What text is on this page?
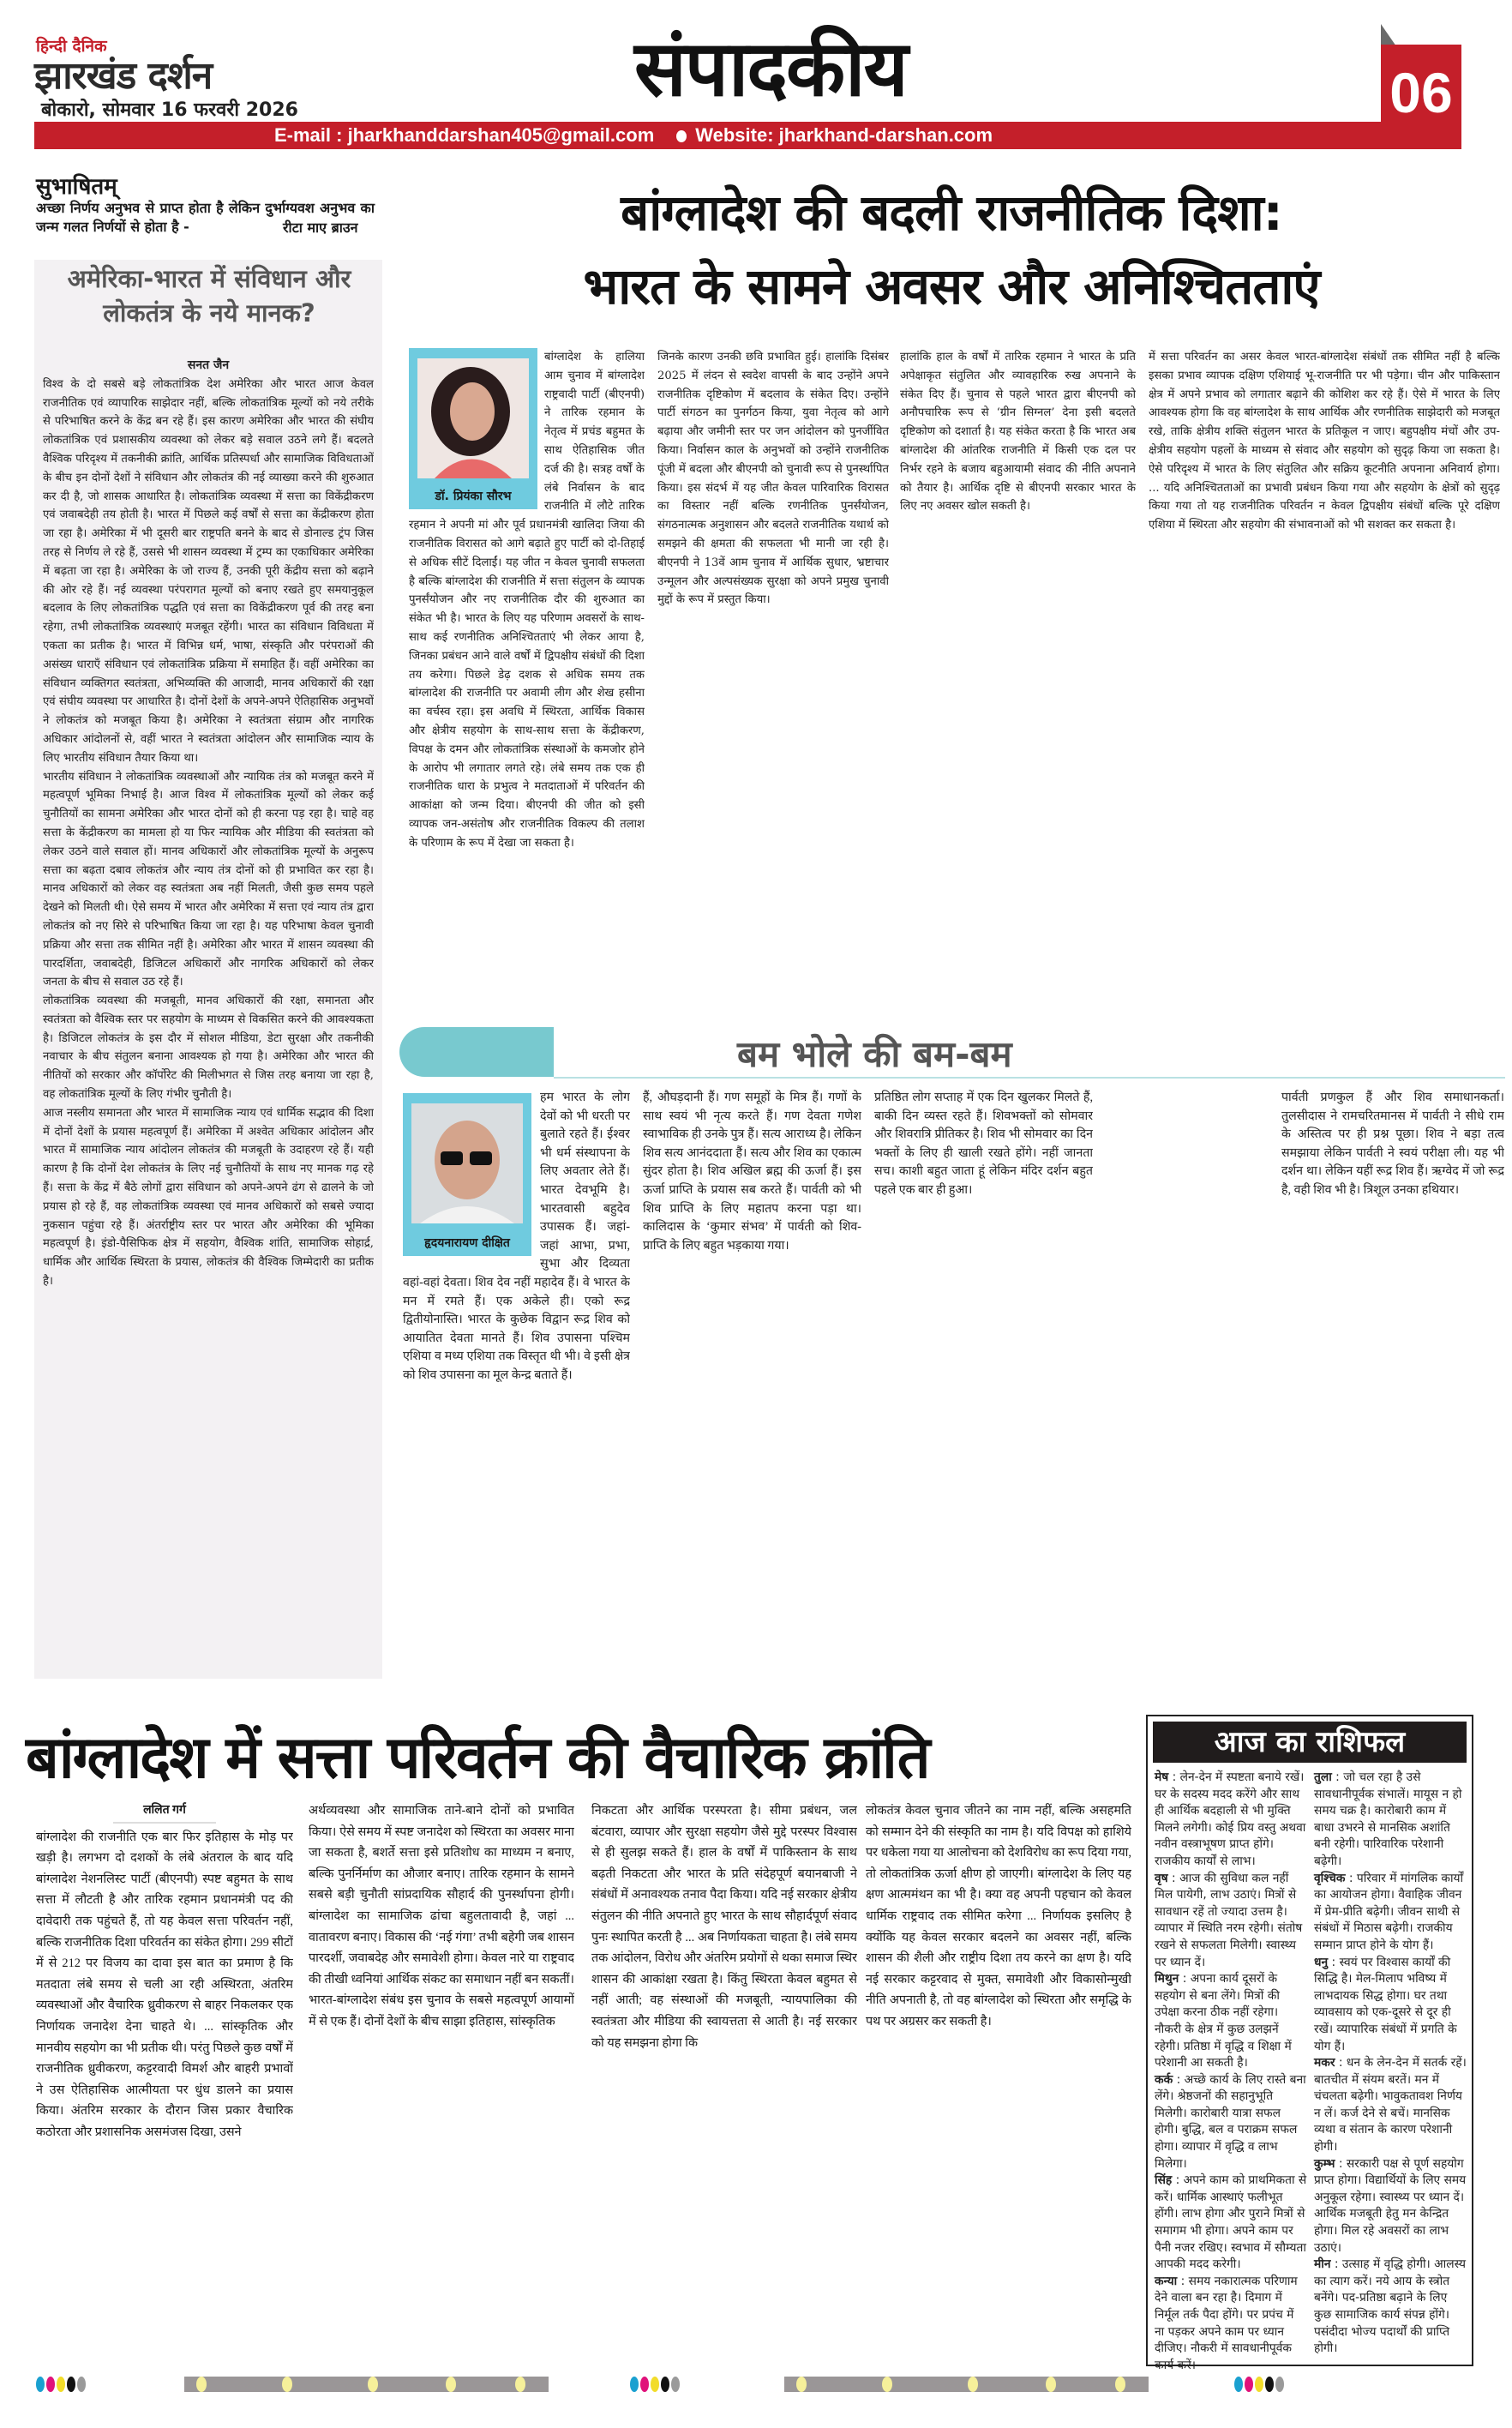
हिन्दी दैनिक
झारखंड दर्शन
बोकारो, सोमवार 16 फरवरी 2026	संपादकीय
E-mail : jharkhanddarshan405@gmail.com Website: jharkhand-darshan.com
06
सुभाषितम्
अच्छा निर्णय अनुभव से प्राप्त होता है लेकिन दुर्भाग्यवश अनुभव का जन्म गलत निर्णयों से होता है -	रीटा माए ब्राउन
अमेरिका-भारत में संविधान और लोकतंत्र के नये मानक?
सनत जैन

विश्व के दो सबसे बड़े लोकतांत्रिक देश अमेरिका और भारत आज केवल राजनीतिक एवं व्यापारिक साझेदार नहीं, बल्कि लोकतांत्रिक मूल्यों को नये तरीके से परिभाषित करने के केंद्र बन रहे हैं। इस कारण अमेरिका और भारत की संघीय लोकतांत्रिक एवं प्रशासकीय व्यवस्था को लेकर बड़े सवाल उठने लगे हैं। बदलते वैश्विक परिदृश्य में तकनीकी क्रांति, आर्थिक प्रतिस्पर्धा और सामाजिक विविधताओं के बीच इन दोनों देशों ने संविधान और लोकतंत्र की नई व्याख्या करने की शुरुआत कर दी है, जो शासक आधारित है। लोकतांत्रिक व्यवस्था में सत्ता का विकेंद्रीकरण एवं जवाबदेही तय होती है। भारत में पिछले कई वर्षों से सत्ता का केंद्रीकरण होता जा रहा है। अमेरिका में भी दूसरी बार राष्ट्रपति बनने के बाद से डोनाल्ड ट्रंप जिस तरह से निर्णय ले रहे हैं, उससे भी शासन व्यवस्था में ट्रम्प का एकाधिकार अमेरिका में बढ़ता जा रहा है। अमेरिका के जो राज्य हैं, उनकी पूरी केंद्रीय सत्ता को बढ़ाने की ओर रहे हैं। नई व्यवस्था परंपरागत मूल्यों को बनाए रखते हुए समयानुकूल बदलाव के लिए लोकतांत्रिक पद्धति एवं सत्ता का विकेंद्रीकरण पूर्व की तरह बना रहेगा, तभी लोकतांत्रिक व्यवस्थाएं मजबूत रहेंगी। भारत का संविधान विविधता में एकता का प्रतीक है। भारत में विभिन्न धर्म, भाषा, संस्कृति और परंपराओं की असंख्य धाराएँ संविधान एवं लोकतांत्रिक प्रक्रिया में समाहित हैं। वहीं अमेरिका का संविधान व्यक्तिगत स्वतंत्रता, अभिव्यक्ति की आजादी, मानव अधिकारों की रक्षा एवं संघीय व्यवस्था पर आधारित है। दोनों देशों के अपने-अपने ऐतिहासिक अनुभवों ने लोकतंत्र को मजबूत किया है। अमेरिका ने स्वतंत्रता संग्राम और नागरिक अधिकार आंदोलनों से, वहीं भारत ने स्वतंत्रता आंदोलन और सामाजिक न्याय के लिए भारतीय संविधान तैयार किया था।

भारतीय संविधान ने लोकतांत्रिक व्यवस्थाओं और न्यायिक तंत्र को मजबूत करने में महत्वपूर्ण भूमिका निभाई है। आज विश्व में लोकतांत्रिक मूल्यों को लेकर कई चुनौतियों का सामना अमेरिका और भारत दोनों को ही करना पड़ रहा है। चाहे वह सत्ता के केंद्रीकरण का मामला हो या फिर न्यायिक और मीडिया की स्वतंत्रता को लेकर उठने वाले सवाल हों। मानव अधिकारों और लोकतांत्रिक मूल्यों के अनुरूप सत्ता का बढ़ता दबाव लोकतंत्र और न्याय तंत्र दोनों को ही प्रभावित कर रहा है। मानव अधिकारों को लेकर वह स्वतंत्रता अब नहीं मिलती, जैसी कुछ समय पहले देखने को मिलती थी। ऐसे समय में भारत और अमेरिका में सत्ता एवं न्याय तंत्र द्वारा लोकतंत्र को नए सिरे से परिभाषित किया जा रहा है। यह परिभाषा केवल चुनावी प्रक्रिया और सत्ता तक सीमित नहीं है। अमेरिका और भारत में शासन व्यवस्था की पारदर्शिता, जवाबदेही, डिजिटल अधिकारों और नागरिक अधिकारों को लेकर जनता के बीच से सवाल उठ रहे हैं।

लोकतांत्रिक व्यवस्था की मजबूती, मानव अधिकारों की रक्षा, समानता और स्वतंत्रता को वैश्विक स्तर पर सहयोग के माध्यम से विकसित करने की आवश्यकता है। डिजिटल लोकतंत्र के इस दौर में सोशल मीडिया, डेटा सुरक्षा और तकनीकी नवाचार के बीच संतुलन बनाना आवश्यक हो गया है। अमेरिका और भारत की नीतियों को सरकार और कॉर्पोरेट की मिलीभगत से जिस तरह बनाया जा रहा है, वह लोकतांत्रिक मूल्यों के लिए गंभीर चुनौती है।

आज नस्लीय समानता और भारत में सामाजिक न्याय एवं धार्मिक सद्भाव की दिशा में दोनों देशों के प्रयास महत्वपूर्ण हैं। अमेरिका में अश्वेत अधिकार आंदोलन और भारत में सामाजिक न्याय आंदोलन लोकतंत्र की मजबूती के उदाहरण रहे हैं। यही कारण है कि दोनों देश लोकतंत्र के लिए नई चुनौतियों के साथ नए मानक गढ़ रहे हैं। सत्ता के केंद्र में बैठे लोगों द्वारा संविधान को अपने-अपने ढंग से ढालने के जो प्रयास हो रहे हैं, वह लोकतांत्रिक व्यवस्था एवं मानव अधिकारों को सबसे ज्यादा नुकसान पहुंचा रहे हैं। अंतर्राष्ट्रीय स्तर पर भारत और अमेरिका की भूमिका महत्वपूर्ण है। इंडो-पैसिफिक क्षेत्र में सहयोग, वैश्विक शांति, सामाजिक सोहार्द्र, धार्मिक और आर्थिक स्थिरता के प्रयास, लोकतंत्र की वैश्विक जिम्मेदारी का प्रतीक है।

बांग्लादेश की बदली राजनीतिक दिशा:
भारत के सामने अवसर और अनिश्चितताएं
बांग्लादेश के हालिया आम चुनाव में बांग्लादेश राष्ट्रवादी पार्टी (बीएनपी) ने तारिक रहमान के नेतृत्व में प्रचंड बहुमत के साथ ऐतिहासिक जीत दर्ज की है। सत्रह वर्षों के लंबे निर्वासन के बाद राजनीति में लौटे तारिक रहमान ने अपनी मां और पूर्व प्रधानमंत्री खालिदा जिया की राजनीतिक विरासत को आगे बढ़ाते हुए पार्टी को दो-तिहाई से अधिक सीटें दिलाईं। यह जीत न केवल चुनावी सफलता है बल्कि बांग्लादेश की राजनीति में सत्ता संतुलन के व्यापक पुनर्संयोजन और नए राजनीतिक दौर की शुरुआत का संकेत भी है। भारत के लिए यह परिणाम अवसरों के साथ-साथ कई रणनीतिक अनिश्चितताएं भी लेकर आया है, जिनका प्रबंधन आने वाले वर्षों में द्विपक्षीय संबंधों की दिशा तय करेगा। पिछले डेढ़ दशक से अधिक समय तक बांग्लादेश की राजनीति पर अवामी लीग और शेख हसीना का वर्चस्व रहा। इस अवधि में स्थिरता, आर्थिक विकास और क्षेत्रीय सहयोग के साथ-साथ सत्ता के केंद्रीकरण, विपक्ष के दमन और लोकतांत्रिक संस्थाओं के कमजोर होने के आरोप भी लगातार लगते रहे। लंबे समय तक एक ही राजनीतिक धारा के प्रभुत्व ने मतदाताओं में परिवर्तन की आकांक्षा को जन्म दिया। बीएनपी की जीत को इसी व्यापक जन-असंतोष और राजनीतिक विकल्प की तलाश के परिणाम के रूप में देखा जा सकता है।
डॉ. प्रियंका सौरभ
जिनके कारण उनकी छवि प्रभावित हुई। हालांकि दिसंबर 2025 में लंदन से स्वदेश वापसी के बाद उन्होंने अपने राजनीतिक दृष्टिकोण में बदलाव के संकेत दिए। उन्होंने पार्टी संगठन का पुनर्गठन किया, युवा नेतृत्व को आगे बढ़ाया और जमीनी स्तर पर जन आंदोलन को पुनर्जीवित किया। निर्वासन काल के अनुभवों को उन्होंने राजनीतिक पूंजी में बदला और बीएनपी को चुनावी रूप से पुनर्स्थापित किया। इस संदर्भ में यह जीत केवल पारिवारिक विरासत का विस्तार नहीं बल्कि रणनीतिक पुनर्संयोजन, संगठनात्मक अनुशासन और बदलते राजनीतिक यथार्थ को समझने की क्षमता की सफलता भी मानी जा रही है। बीएनपी ने 13वें आम चुनाव में आर्थिक सुधार, भ्रष्टाचार उन्मूलन और अल्पसंख्यक सुरक्षा को अपने प्रमुख चुनावी मुद्दों के रूप में प्रस्तुत किया।
हालांकि हाल के वर्षों में तारिक रहमान ने भारत के प्रति अपेक्षाकृत संतुलित और व्यावहारिक रुख अपनाने के संकेत दिए हैं। चुनाव से पहले भारत द्वारा बीएनपी को अनौपचारिक रूप से ‘ग्रीन सिग्नल’ देना इसी बदलते दृष्टिकोण को दशार्ता है। यह संकेत करता है कि भारत अब बांग्लादेश की आंतरिक राजनीति में किसी एक दल पर निर्भर रहने के बजाय बहुआयामी संवाद की नीति अपनाने को तैयार है। आर्थिक दृष्टि से बीएनपी सरकार भारत के लिए नए अवसर खोल सकती है।
में सत्ता परिवर्तन का असर केवल भारत-बांग्लादेश संबंधों तक सीमित नहीं है बल्कि इसका प्रभाव व्यापक दक्षिण एशियाई भू-राजनीति पर भी पड़ेगा। चीन और पाकिस्तान क्षेत्र में अपने प्रभाव को लगातार बढ़ाने की कोशिश कर रहे हैं। ऐसे में भारत के लिए आवश्यक होगा कि वह बांग्लादेश के साथ आर्थिक और रणनीतिक साझेदारी को मजबूत रखे, ताकि क्षेत्रीय शक्ति संतुलन भारत के प्रतिकूल न जाए। बहुपक्षीय मंचों और उप-क्षेत्रीय सहयोग पहलों के माध्यम से संवाद और सहयोग को सुदृढ़ किया जा सकता है। ऐसे परिदृश्य में भारत के लिए संतुलित और सक्रिय कूटनीति अपनाना अनिवार्य होगा। ... यदि अनिश्चितताओं का प्रभावी प्रबंधन किया गया और सहयोग के क्षेत्रों को सुदृढ़ किया गया तो यह राजनीतिक परिवर्तन न केवल द्विपक्षीय संबंधों बल्कि पूरे दक्षिण एशिया में स्थिरता और सहयोग की संभावनाओं को भी सशक्त कर सकता है।
बम भोले की बम-बम
हम भारत के लोग देवों को भी धरती पर बुलाते रहते हैं। ईश्वर भी धर्म संस्थापना के लिए अवतार लेते हैं। भारत देवभूमि है। भारतवासी बहुदेव उपासक हैं। जहां-जहां आभा, प्रभा, सुभा और दिव्यता वहां-वहां देवता। शिव देव नहीं महादेव हैं। वे भारत के मन में रमते हैं। एक अकेले ही। एको रूद्र द्वितीयोनास्ति। भारत के कुछेक विद्वान रूद्र शिव को आयातित देवता मानते हैं। शिव उपासना पश्चिम एशिया व मध्य एशिया तक विस्तृत थी भी। वे इसी क्षेत्र को शिव उपासना का मूल केन्द्र बताते हैं।
हृदयनारायण दीक्षित
हैं, औघड़दानी हैं। गण समूहों के मित्र हैं। गणों के साथ स्वयं भी नृत्य करते हैं। गण देवता गणेश स्वाभाविक ही उनके पुत्र हैं। सत्य आराध्य है। लेकिन शिव सत्य आनंददाता हैं। सत्य और शिव का एकात्म सुंदर होता है। शिव अखिल ब्रह्म की ऊर्जा हैं। इस ऊर्जा प्राप्ति के प्रयास सब करते हैं। पार्वती को भी शिव प्राप्ति के लिए महातप करना पड़ा था। कालिदास के ‘कुमार संभव’ में पार्वती को शिव-प्राप्ति के लिए बहुत भड़काया गया।
प्रतिष्ठित लोग सप्ताह में एक दिन खुलकर मिलते हैं, बाकी दिन व्यस्त रहते हैं। शिवभक्तों को सोमवार और शिवरात्रि प्रीतिकर है। शिव भी सोमवार का दिन भक्तों के लिए ही खाली रखते होंगे। नहीं जानता सच। काशी बहुत जाता हूं लेकिन मंदिर दर्शन बहुत पहले एक बार ही हुआ।
पार्वती प्रणकुल हैं और शिव समाधानकर्ता। तुलसीदास ने रामचरितमानस में पार्वती ने सीधे राम के अस्तित्व पर ही प्रश्न पूछा। शिव ने बड़ा तत्व समझाया लेकिन पार्वती ने स्वयं परीक्षा ली। यह भी दर्शन था। लेकिन यहीं रूद्र शिव हैं। ऋग्वेद में जो रूद्र है, वही शिव भी है। त्रिशूल उनका हथियार।
बांग्लादेश में सत्ता परिवर्तन की वैचारिक क्रांति
ललित गर्ग
बांग्लादेश की राजनीति एक बार फिर इतिहास के मोड़ पर खड़ी है। लगभग दो दशकों के लंबे अंतराल के बाद यदि बांग्लादेश नेशनलिस्ट पार्टी (बीएनपी) स्पष्ट बहुमत के साथ सत्ता में लौटती है और तारिक रहमान प्रधानमंत्री पद की दावेदारी तक पहुंचते हैं, तो यह केवल सत्ता परिवर्तन नहीं, बल्कि राजनीतिक दिशा परिवर्तन का संकेत होगा। 299 सीटों में से 212 पर विजय का दावा इस बात का प्रमाण है कि मतदाता लंबे समय से चली आ रही अस्थिरता, अंतरिम व्यवस्थाओं और वैचारिक ध्रुवीकरण से बाहर निकलकर एक निर्णायक जनादेश देना चाहते थे। ... सांस्कृतिक और मानवीय सहयोग का भी प्रतीक थी। परंतु पिछले कुछ वर्षों में राजनीतिक ध्रुवीकरण, कट्टरवादी विमर्श और बाहरी प्रभावों ने उस ऐतिहासिक आत्मीयता पर धुंध डालने का प्रयास किया। अंतरिम सरकार के दौरान जिस प्रकार वैचारिक कठोरता और प्रशासनिक असमंजस दिखा, उसने
अर्थव्यवस्था और सामाजिक ताने-बाने दोनों को प्रभावित किया। ऐसे समय में स्पष्ट जनादेश को स्थिरता का अवसर माना जा सकता है, बशर्ते सत्ता इसे प्रतिशोध का माध्यम न बनाए, बल्कि पुनर्निर्माण का औजार बनाए। तारिक रहमान के सामने सबसे बड़ी चुनौती सांप्रदायिक सौहार्द की पुनर्स्थापना होगी। बांग्लादेश का सामाजिक ढांचा बहुलतावादी है, जहां ... वातावरण बनाए। विकास की ‘नई गंगा’ तभी बहेगी जब शासन पारदर्शी, जवाबदेह और समावेशी होगा। केवल नारे या राष्ट्रवाद की तीखी ध्वनियां आर्थिक संकट का समाधान नहीं बन सकतीं। भारत-बांग्लादेश संबंध इस चुनाव के सबसे महत्वपूर्ण आयामों में से एक हैं। दोनों देशों के बीच साझा इतिहास, सांस्कृतिक
निकटता और आर्थिक परस्परता है। सीमा प्रबंधन, जल बंटवारा, व्यापार और सुरक्षा सहयोग जैसे मुद्दे परस्पर विश्वास से ही सुलझ सकते हैं। हाल के वर्षों में पाकिस्तान के साथ बढ़ती निकटता और भारत के प्रति संदेहपूर्ण बयानबाजी ने संबंधों में अनावश्यक तनाव पैदा किया। यदि नई सरकार क्षेत्रीय संतुलन की नीति अपनाते हुए भारत के साथ सौहार्दपूर्ण संवाद पुनः स्थापित करती है ... अब निर्णायकता चाहता है। लंबे समय तक आंदोलन, विरोध और अंतरिम प्रयोगों से थका समाज स्थिर शासन की आकांक्षा रखता है। किंतु स्थिरता केवल बहुमत से नहीं आती; वह संस्थाओं की मजबूती, न्यायपालिका की स्वतंत्रता और मीडिया की स्वायत्तता से आती है। नई सरकार को यह समझना होगा कि
लोकतंत्र केवल चुनाव जीतने का नाम नहीं, बल्कि असहमति को सम्मान देने की संस्कृति का नाम है। यदि विपक्ष को हाशिये पर धकेला गया या आलोचना को देशविरोध का रूप दिया गया, तो लोकतांत्रिक ऊर्जा क्षीण हो जाएगी। बांग्लादेश के लिए यह क्षण आत्ममंथन का भी है। क्या वह अपनी पहचान को केवल धार्मिक राष्ट्रवाद तक सीमित करेगा ... निर्णायक इसलिए है क्योंकि यह केवल सरकार बदलने का अवसर नहीं, बल्कि शासन की शैली और राष्ट्रीय दिशा तय करने का क्षण है। यदि नई सरकार कट्टरवाद से मुक्त, समावेशी और विकासोन्मुखी नीति अपनाती है, तो वह बांग्लादेश को स्थिरता और समृद्धि के पथ पर अग्रसर कर सकती है।
आज का राशिफल
मेष : लेन-देन में स्पष्टता बनाये रखें। घर के सदस्य मदद करेंगे और साथ ही आर्थिक बदहाली से भी मुक्ति मिलने लगेगी। कोई प्रिय वस्तु अथवा नवीन वस्त्राभूषण प्राप्त होंगे।राजकीय कार्यों से लाभ।
वृष : आज की सुविधा कल नहीं मिल पायेगी, लाभ उठाएं। मित्रों से सावधान रहें तो ज्यादा उत्तम है। व्यापार में स्थिति नरम रहेगी। संतोष रखने से सफलता मिलेगी। स्वास्थ्य पर ध्यान दें।
मिथुन : अपना कार्य दूसरों के सहयोग से बना लेंगे। मित्रों की उपेक्षा करना ठीक नहीं रहेगा। नौकरी के क्षेत्र में कुछ उलझनें रहेगी। प्रतिष्ठा में वृद्धि व शिक्षा में परेशानी आ सकती है।
कर्क : अच्छे कार्य के लिए रास्ते बना लेंगे। श्रेष्ठजनों की सहानुभूति मिलेगी। कारोबारी यात्रा सफल होगी। बुद्धि, बल व पराक्रम सफल होगा। व्यापार में वृद्धि व लाभ मिलेगा।
सिंह : अपने काम को प्राथमिकता से करें। धार्मिक आस्थाएं फलीभूत होंगी। लाभ होगा और पुराने मित्रों से समागम भी होगा। अपने काम पर पैनी नजर रखिए। स्वभाव में सौम्यता आपकी मदद करेगी।
कन्या : समय नकारात्मक परिणाम देने वाला बन रहा है। दिमाग में निर्मूल तर्क पैदा होंगे। पर प्रपंच में ना पड़कर अपने काम पर ध्यान दीजिए। नौकरी में सावधानीपूर्वक कार्य करें।
तुला : जो चल रहा है उसे सावधानीपूर्वक संभालें। मायूस न हो समय चक्र है। कारोबारी काम में बाधा उभरने से मानसिक अशांति बनी रहेगी। पारिवारिक परेशानी बढ़ेगी।
वृश्चिक : परिवार में मांगलिक कार्यों का आयोजन होगा। वैवाहिक जीवन में प्रेम-प्रीति बढ़ेगी। जीवन साथी से संबंधों में मिठास बढ़ेगी। राजकीय सम्मान प्राप्त होने के योग हैं।
धनु : स्वयं पर विश्वास कार्यों की सिद्धि है। मेल-मिलाप भविष्य में लाभदायक सिद्ध होगा। घर तथा व्यावसाय को एक-दूसरे से दूर ही रखें। व्यापारिक संबंधों में प्रगति के योग हैं।
मकर : धन के लेन-देन में सतर्क रहें। बातचीत में संयम बरतें। मन में चंचलता बढ़ेगी। भावुकतावश निर्णय न लें। कर्ज देने से बचें। मानसिक व्यथा व संतान के कारण परेशानी होगी।
कुम्भ : सरकारी पक्ष से पूर्ण सहयोग प्राप्त होगा। विद्यार्थियों के लिए समय अनुकूल रहेगा। स्वास्थ्य पर ध्यान दें। आर्थिक मजबूती हेतु मन केन्द्रित होगा। मिल रहे अवसरों का लाभ उठाएं।
मीन : उत्साह में वृद्धि होगी। आलस्य का त्याग करें। नये आय के स्त्रोत बनेंगे। पद-प्रतिष्ठा बढ़ाने के लिए कुछ सामाजिक कार्य संपन्न होंगे। पसंदीदा भोज्य पदार्थों की प्राप्ति होगी।
